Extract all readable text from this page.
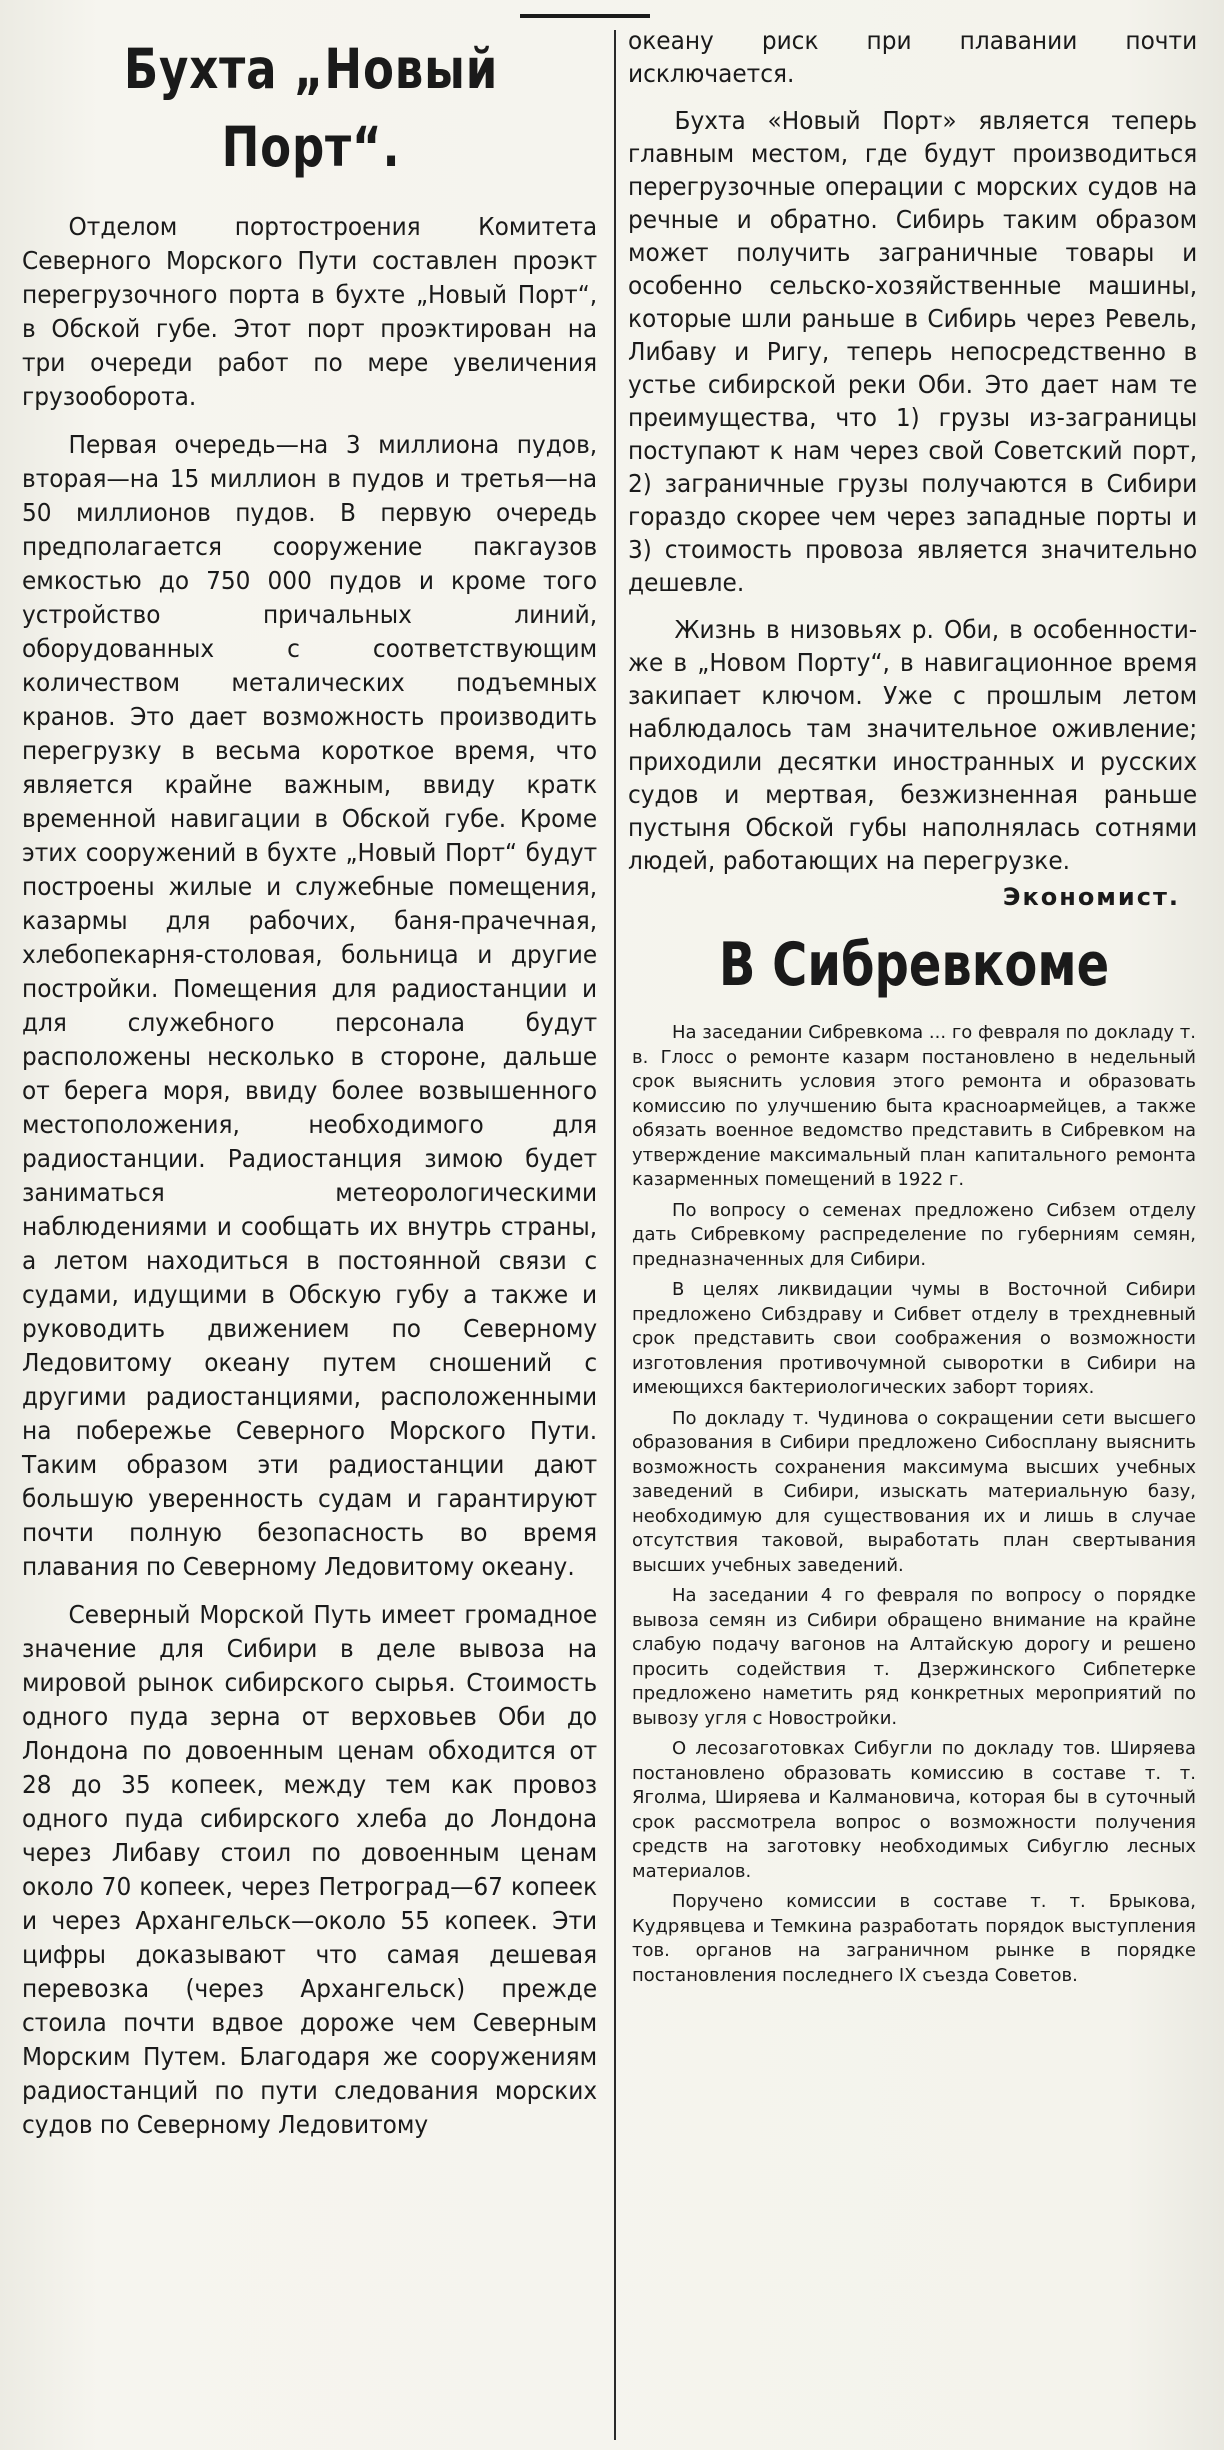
Бухта „Новый Порт“.

Отделом портостроения Комитета Северного Морского Пути составлен проэкт перегрузочного порта в бухте „Новый Порт“, в Обской губе. Этот порт проэктирован на три очереди работ по мере увеличения грузооборота.

Первая очередь—на 3 миллиона пудов, вторая—на 15 миллион в пудов и третья—на 50 миллионов пудов. В первую очередь предполагается сооружение пакгаузов емкостью до 750 000 пудов и кроме того устройство причальных линий, оборудованных с соответствующим количеством металических подъемных кранов. Это дает возможность производить перегрузку в весьма короткое время, что является крайне важным, ввиду кратк временной навигации в Обской губе. Кроме этих сооружений в бухте „Новый Порт“ будут построены жилые и служебные помещения, казармы для рабочих, баня-прачечная, хлебопекарня-столовая, больница и другие постройки. Помещения для радиостанции и для служебного персонала будут расположены несколько в стороне, дальше от берега моря, ввиду более возвышенного местоположения, необходимого для радиостанции. Радиостанция зимою будет заниматься метеорологическими наблюдениями и сообщать их внутрь страны, а летом находиться в постоянной связи с судами, идущими в Обскую губу а также и руководить движением по Северному Ледовитому океану путем сношений с другими радиостанциями, расположенными на побережье Северного Морского Пути. Таким образом эти радиостанции дают большую уверенность судам и гарантируют почти полную безопасность во время плавания по Северному Ледовитому океану.

Северный Морской Путь имеет громадное значение для Сибири в деле вывоза на мировой рынок сибирского сырья. Стоимость одного пуда зерна от верховьев Оби до Лондона по довоенным ценам обходится от 28 до 35 копеек, между тем как провоз одного пуда сибирского хлеба до Лондона через Либаву стоил по довоенным ценам около 70 копеек, через Петроград—67 копеек и через Архангельск—около 55 копеек. Эти цифры доказывают что самая дешевая перевозка (через Архангельск) прежде стоила почти вдвое дороже чем Северным Морским Путем. Благодаря же сооружениям радиостанций по пути следования морских судов по Северному Ледовитому

океану риск при плавании почти исключается.

Бухта «Новый Порт» является теперь главным местом, где будут производиться перегрузочные операции с морских судов на речные и обратно. Сибирь таким образом может получить заграничные товары и особенно сельско-хозяйственные машины, которые шли раньше в Сибирь через Ревель, Либаву и Ригу, теперь непосредственно в устье сибирской реки Оби. Это дает нам те преимущества, что 1) грузы из-заграницы поступают к нам через свой Советский порт, 2) заграничные грузы получаются в Сибири гораздо скорее чем через западные порты и 3) стоимость провоза является значительно дешевле.

Жизнь в низовьях р. Оби, в особенности-же в „Новом Порту“, в навигационное время закипает ключом. Уже с прошлым летом наблюдалось там значительное оживление; приходили десятки иностранных и русских судов и мертвая, безжизненная раньше пустыня Обской губы наполнялась сотнями людей, работающих на перегрузке.

Экономист.
В Сибревкоме

На заседании Сибревкома ... го февраля по докладу т. в. Глосс о ремонте казарм постановлено в недельный срок выяснить условия этого ремонта и образовать комиссию по улучшению быта красноармейцев, а также обязать военное ведомство представить в Сибревком на утверждение максимальный план капитального ремонта казарменных помещений в 1922 г.

По вопросу о семенах предложено Сибзем отделу дать Сибревкому распределение по губерниям семян, предназначенных для Сибири.

В целях ликвидации чумы в Восточной Сибири предложено Сибздраву и Сибвет отделу в трехдневный срок представить свои соображения о возможности изготовления противочумной сыворотки в Сибири на имеющихся бактериологических заборт ториях.

По докладу т. Чудинова о сокращении сети высшего образования в Сибири предложено Сибоспланy выяснить возможность сохранения максимума высших учебных заведений в Сибири, изыскать материальную базу, необходимую для существования их и лишь в случае отсутствия таковой, выработать план свертывания высших учебных заведений.

На заседании 4 го февраля по вопросу о порядке вывоза семян из Сибири обращено внимание на крайне слабую подачу вагонов на Алтайскую дорогу и решено просить содействия т. Дзержинского Сибпетерке предложено наметить ряд конкретных мероприятий по вывозу угля с Новостройки.

О лесозаготовках Сибугли по докладу тов. Ширяева постановлено образовать комиссию в составе т. т. Яголма, Ширяева и Калмановича, которая бы в суточный срок рассмотрела вопрос о возможности получения средств на заготовку необходимых Сибуглю лесных материалов.

Поручено комиссии в составе т. т. Брыкова, Кудрявцева и Темкина разработать порядок выступления тов. органов на заграничном рынке в порядке постановления последнего IX съезда Советов.
